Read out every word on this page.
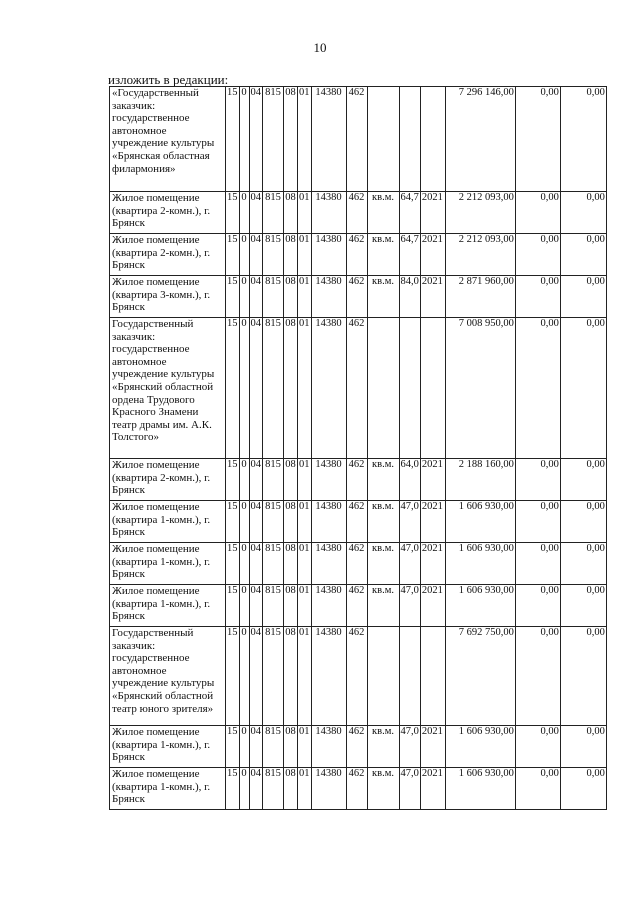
10
изложить в редакции:
«Государственный заказчик: государственное автономное учреждение культуры «Брянская областная филармония»	15	0	04	815	08	01	14380	462				7 296 146,00	0,00	0,00
Жилое помещение (квартира 2-комн.), г. Брянск	15	0	04	815	08	01	14380	462	кв.м.	64,7	2021	2 212 093,00	0,00	0,00
Жилое помещение (квартира 2-комн.), г. Брянск	15	0	04	815	08	01	14380	462	кв.м.	64,7	2021	2 212 093,00	0,00	0,00
Жилое помещение (квартира 3-комн.), г. Брянск	15	0	04	815	08	01	14380	462	кв.м.	84,0	2021	2 871 960,00	0,00	0,00
Государственный заказчик: государственное автономное учреждение культуры «Брянский областной ордена Трудового Красного Знамени театр драмы им. А.К. Толстого»	15	0	04	815	08	01	14380	462				7 008 950,00	0,00	0,00
Жилое помещение (квартира 2-комн.), г. Брянск	15	0	04	815	08	01	14380	462	кв.м.	64,0	2021	2 188 160,00	0,00	0,00
Жилое помещение (квартира 1-комн.), г. Брянск	15	0	04	815	08	01	14380	462	кв.м.	47,0	2021	1 606 930,00	0,00	0,00
Жилое помещение (квартира 1-комн.), г. Брянск	15	0	04	815	08	01	14380	462	кв.м.	47,0	2021	1 606 930,00	0,00	0,00
Жилое помещение (квартира 1-комн.), г. Брянск	15	0	04	815	08	01	14380	462	кв.м.	47,0	2021	1 606 930,00	0,00	0,00
Государственный заказчик: государственное автономное учреждение культуры «Брянский областной театр юного зрителя»	15	0	04	815	08	01	14380	462				7 692 750,00	0,00	0,00
Жилое помещение (квартира 1-комн.), г. Брянск	15	0	04	815	08	01	14380	462	кв.м.	47,0	2021	1 606 930,00	0,00	0,00
Жилое помещение (квартира 1-комн.), г. Брянск	15	0	04	815	08	01	14380	462	кв.м.	47,0	2021	1 606 930,00	0,00	0,00
